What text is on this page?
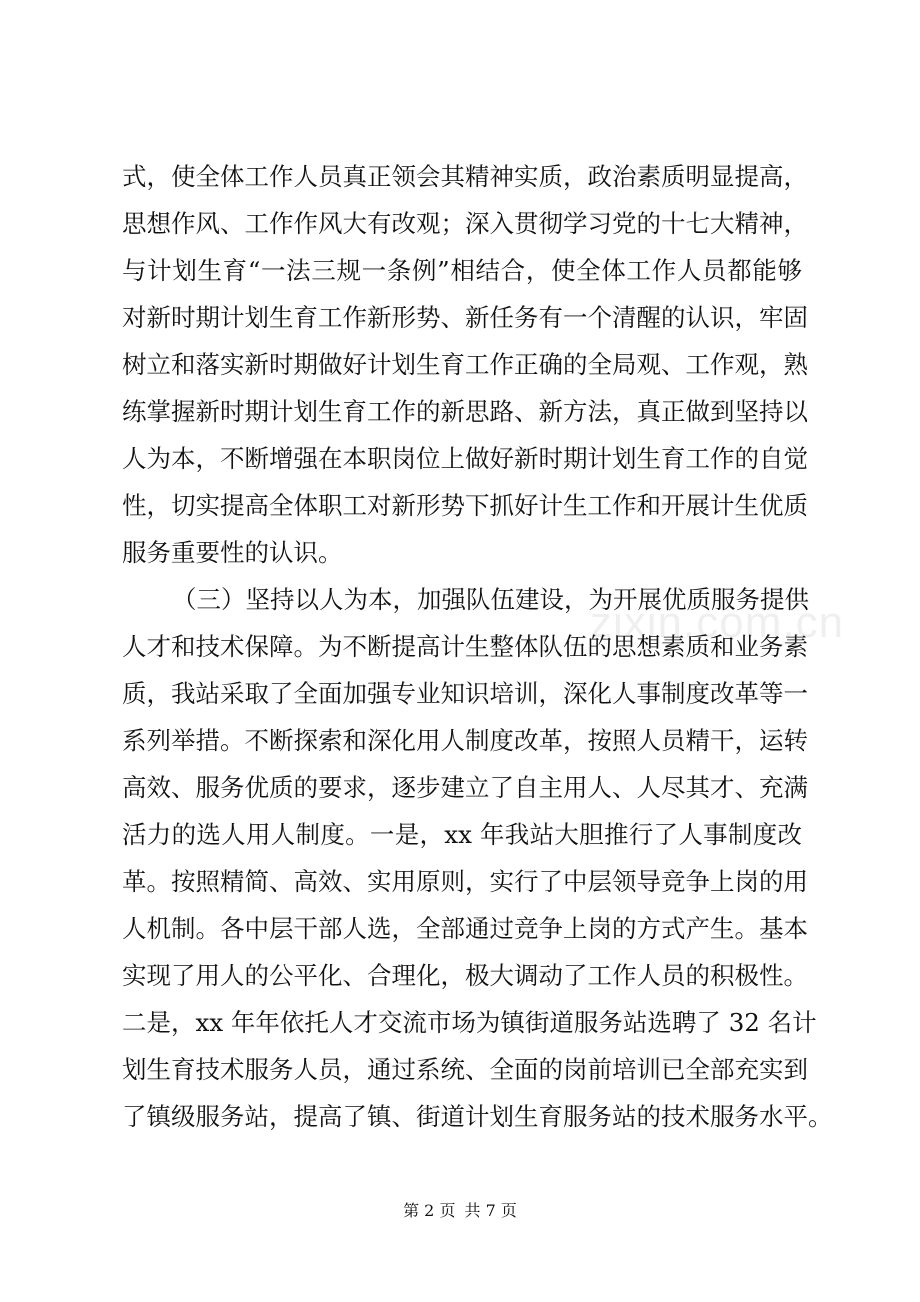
zixin.com.cn
式，使全体工作人员真正领会其精神实质，政治素质明显提高，
思想作风、工作作风大有改观；深入贯彻学习党的十七大精神，
与计划生育“一法三规一条例”相结合，使全体工作人员都能够
对新时期计划生育工作新形势、新任务有一个清醒的认识，牢固
树立和落实新时期做好计划生育工作正确的全局观、工作观，熟
练掌握新时期计划生育工作的新思路、新方法，真正做到坚持以
人为本，不断增强在本职岗位上做好新时期计划生育工作的自觉
性，切实提高全体职工对新形势下抓好计生工作和开展计生优质
服务重要性的认识。
（三）坚持以人为本，加强队伍建设，为开展优质服务提供
人才和技术保障。为不断提高计生整体队伍的思想素质和业务素
质，我站采取了全面加强专业知识培训，深化人事制度改革等一
系列举措。不断探索和深化用人制度改革，按照人员精干，运转
高效、服务优质的要求，逐步建立了自主用人、人尽其才、充满
活力的选人用人制度。一是，xx 年我站大胆推行了人事制度改
革。按照精简、高效、实用原则，实行了中层领导竞争上岗的用
人机制。各中层干部人选，全部通过竞争上岗的方式产生。基本
实现了用人的公平化、合理化，极大调动了工作人员的积极性。
二是，xx 年年依托人才交流市场为镇街道服务站选聘了 32 名计
划生育技术服务人员，通过系统、全面的岗前培训已全部充实到
了镇级服务站，提高了镇、街道计划生育服务站的技术服务水平。
第 2 页 共 7 页
